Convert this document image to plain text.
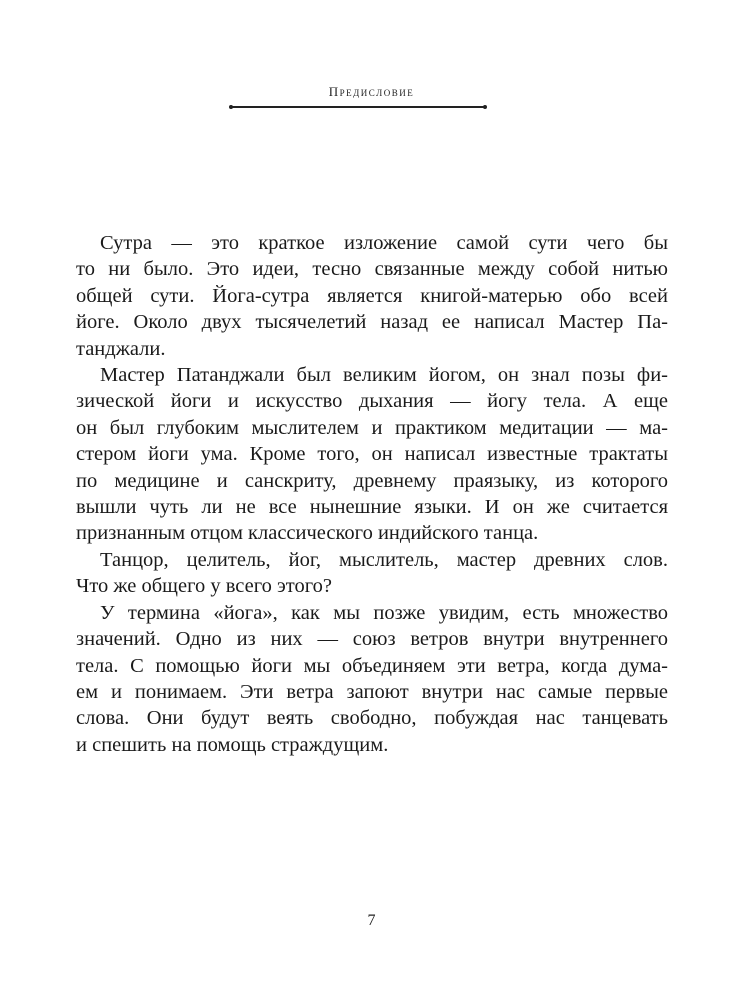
Предисловие

Сутра — это краткое изложение самой сути чего бы
то ни было. Это идеи, тесно связанные между собой нитью
общей сути. Йога-сутра является книгой-матерью обо всей
йоге. Около двух тысячелетий назад ее написал Мастер Па-
танджали.

Мастер Патанджали был великим йогом, он знал позы фи-
зической йоги и искусство дыхания — йогу тела. А еще
он был глубоким мыслителем и практиком медитации — ма-
стером йоги ума. Кроме того, он написал известные трактаты
по медицине и санскриту, древнему праязыку, из которого
вышли чуть ли не все нынешние языки. И он же считается
признанным отцом классического индийского танца.

Танцор, целитель, йог, мыслитель, мастер древних слов.
Что же общего у всего этого?

У термина «йога», как мы позже увидим, есть множество
значений. Одно из них — союз ветров внутри внутреннего
тела. С помощью йоги мы объединяем эти ветра, когда дума-
ем и понимаем. Эти ветра запоют внутри нас самые первые
слова. Они будут веять свободно, побуждая нас танцевать
и спешить на помощь страждущим.

7
